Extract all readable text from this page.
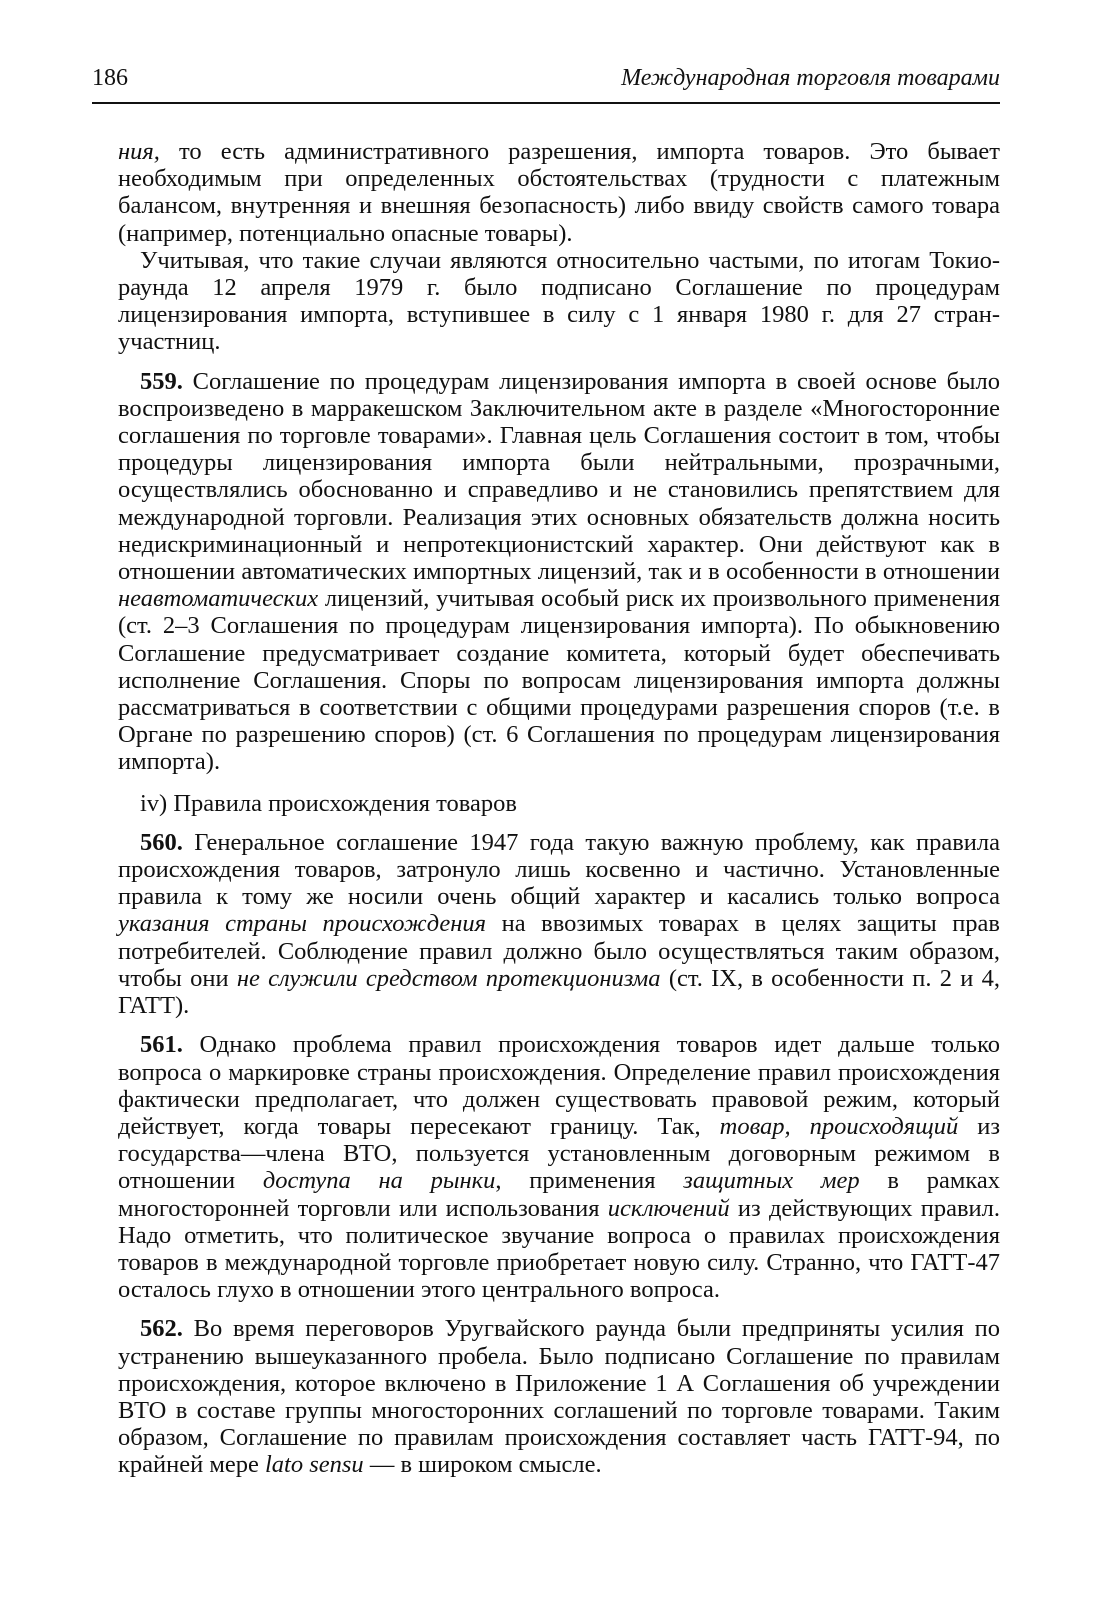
186	Международная торговля товарами

ния, то есть административного разрешения, импорта товаров. Это бывает необходимым при определенных обстоятельствах (трудности с платежным балансом, внутренняя и внешняя безопасность) либо ввиду свойств самого товара (например, потенциально опасные товары).

Учитывая, что такие случаи являются относительно частыми, по итогам Токио-раунда 12 апреля 1979 г. было подписано Соглашение по процедурам лицензирования импорта, вступившее в силу с 1 января 1980 г. для 27 стран-участниц.

559. Соглашение по процедурам лицензирования импорта в своей основе было воспроизведено в марракешском Заключительном акте в разделе «Многосторонние соглашения по торговле товарами». Главная цель Соглашения состоит в том, чтобы процедуры лицензирования импорта были нейтральными, прозрачными, осуществлялись обоснованно и справедливо и не становились препятствием для международной торговли. Реализация этих основных обязательств должна носить недискриминационный и непротекционистский характер. Они действуют как в отношении автоматических импортных лицензий, так и в особенности в отношении неавтоматических лицензий, учитывая особый риск их произвольного применения (ст. 2–3 Соглашения по процедурам лицензирования импорта). По обыкновению Соглашение предусматривает создание комитета, который будет обеспечивать исполнение Соглашения. Споры по вопросам лицензирования импорта должны рассматриваться в соответствии с общими процедурами разрешения споров (т.е. в Органе по разрешению споров) (ст. 6 Соглашения по процедурам лицензирования импорта).

iv) Правила происхождения товаров

560. Генеральное соглашение 1947 года такую важную проблему, как правила происхождения товаров, затронуло лишь косвенно и частично. Установленные правила к тому же носили очень общий характер и касались только вопроса указания страны происхождения на ввозимых товарах в целях защиты прав потребителей. Соблюдение правил должно было осуществляться таким образом, чтобы они не служили средством протекционизма (ст. IX, в особенности п. 2 и 4, ГАТТ).

561. Однако проблема правил происхождения товаров идет дальше только вопроса о маркировке страны происхождения. Определение правил происхождения фактически предполагает, что должен существовать правовой режим, который действует, когда товары пересекают границу. Так, товар, происходящий из государства—члена ВТО, пользуется установленным договорным режимом в отношении доступа на рынки, применения защитных мер в рамках многосторонней торговли или использования исключений из действующих правил. Надо отметить, что политическое звучание вопроса о правилах происхождения товаров в международной торговле приобретает новую силу. Странно, что ГАТТ-47 осталось глухо в отношении этого центрального вопроса.

562. Во время переговоров Уругвайского раунда были предприняты усилия по устранению вышеуказанного пробела. Было подписано Соглашение по правилам происхождения, которое включено в Приложение 1 А Соглашения об учреждении ВТО в составе группы многосторонних соглашений по торговле товарами. Таким образом, Соглашение по правилам происхождения составляет часть ГАТТ-94, по крайней мере lato sensu — в широком смысле.
